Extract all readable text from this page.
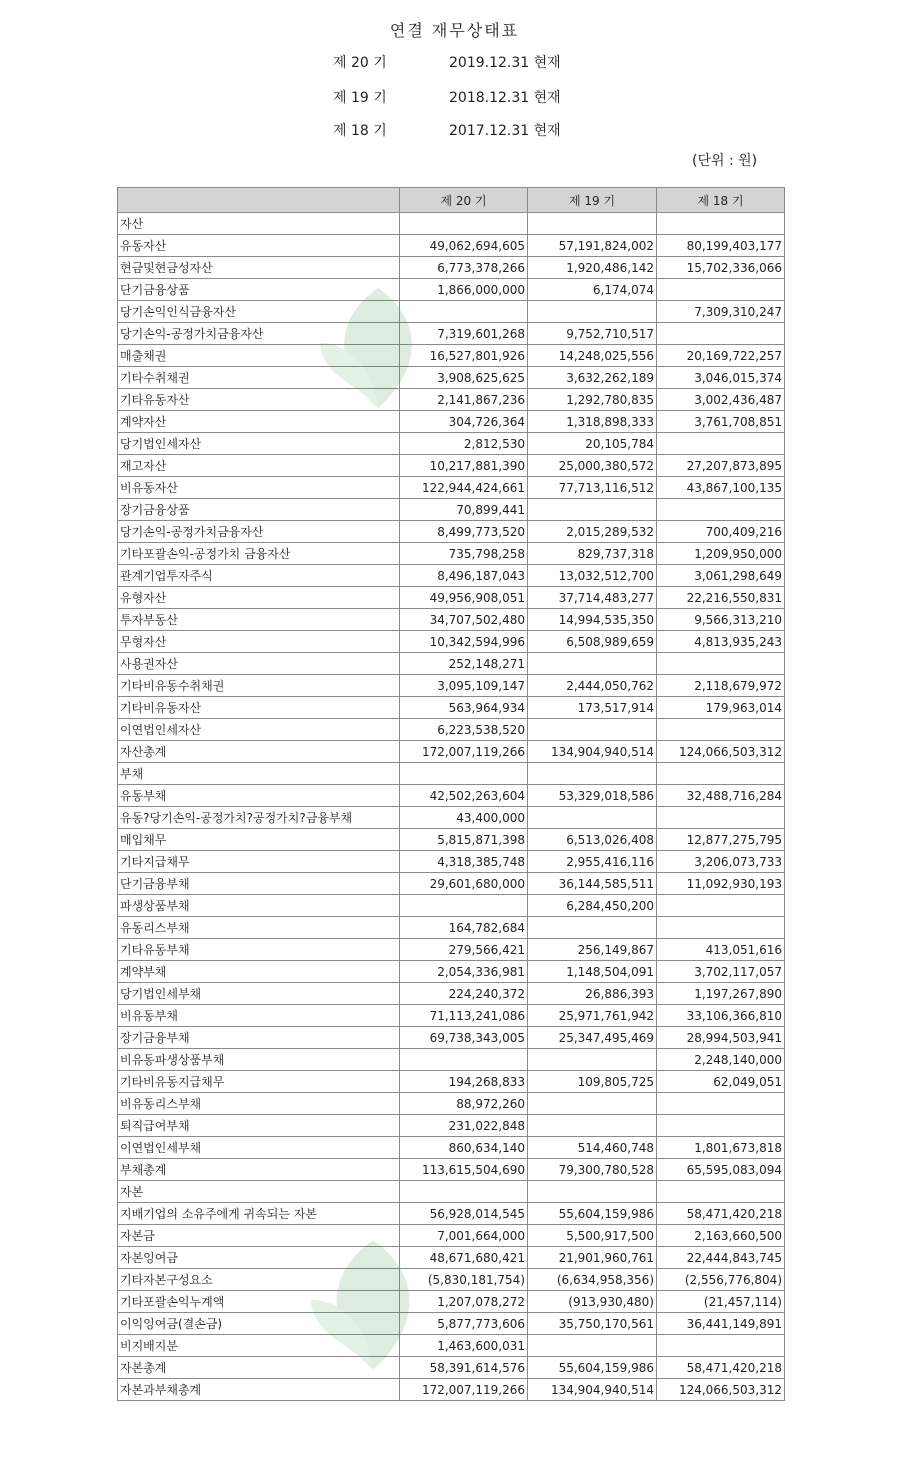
연결 재무상태표
제 20 기	2019.12.31 현재
제 19 기	2018.12.31 현재
제 18 기	2017.12.31 현재
(단위 : 원)
	제 20 기	제 19 기	제 18 기
자산			
유동자산	49,062,694,605	57,191,824,002	80,199,403,177
현금및현금성자산	6,773,378,266	1,920,486,142	15,702,336,066
단기금융상품	1,866,000,000	6,174,074	
당기손익인식금융자산			7,309,310,247
당기손익-공정가치금융자산	7,319,601,268	9,752,710,517	
매출채권	16,527,801,926	14,248,025,556	20,169,722,257
기타수취채권	3,908,625,625	3,632,262,189	3,046,015,374
기타유동자산	2,141,867,236	1,292,780,835	3,002,436,487
계약자산	304,726,364	1,318,898,333	3,761,708,851
당기법인세자산	2,812,530	20,105,784	
재고자산	10,217,881,390	25,000,380,572	27,207,873,895
비유동자산	122,944,424,661	77,713,116,512	43,867,100,135
장기금융상품	70,899,441		
당기손익-공정가치금융자산	8,499,773,520	2,015,289,532	700,409,216
기타포괄손익-공정가치 금융자산	735,798,258	829,737,318	1,209,950,000
관계기업투자주식	8,496,187,043	13,032,512,700	3,061,298,649
유형자산	49,956,908,051	37,714,483,277	22,216,550,831
투자부동산	34,707,502,480	14,994,535,350	9,566,313,210
무형자산	10,342,594,996	6,508,989,659	4,813,935,243
사용권자산	252,148,271		
기타비유동수취채권	3,095,109,147	2,444,050,762	2,118,679,972
기타비유동자산	563,964,934	173,517,914	179,963,014
이연법인세자산	6,223,538,520		
자산총계	172,007,119,266	134,904,940,514	124,066,503,312
부채			
유동부채	42,502,263,604	53,329,018,586	32,488,716,284
유동?당기손익-공정가치?공정가치?금융부채	43,400,000		
매입채무	5,815,871,398	6,513,026,408	12,877,275,795
기타지급채무	4,318,385,748	2,955,416,116	3,206,073,733
단기금융부채	29,601,680,000	36,144,585,511	11,092,930,193
파생상품부채		6,284,450,200	
유동리스부채	164,782,684		
기타유동부채	279,566,421	256,149,867	413,051,616
계약부채	2,054,336,981	1,148,504,091	3,702,117,057
당기법인세부채	224,240,372	26,886,393	1,197,267,890
비유동부채	71,113,241,086	25,971,761,942	33,106,366,810
장기금융부채	69,738,343,005	25,347,495,469	28,994,503,941
비유동파생상품부채			2,248,140,000
기타비유동지급채무	194,268,833	109,805,725	62,049,051
비유동리스부채	88,972,260		
퇴직급여부채	231,022,848		
이연법인세부채	860,634,140	514,460,748	1,801,673,818
부채총계	113,615,504,690	79,300,780,528	65,595,083,094
자본			
지배기업의 소유주에게 귀속되는 자본	56,928,014,545	55,604,159,986	58,471,420,218
자본금	7,001,664,000	5,500,917,500	2,163,660,500
자본잉여금	48,671,680,421	21,901,960,761	22,444,843,745
기타자본구성요소	(5,830,181,754)	(6,634,958,356)	(2,556,776,804)
기타포괄손익누계액	1,207,078,272	(913,930,480)	(21,457,114)
이익잉여금(결손금)	5,877,773,606	35,750,170,561	36,441,149,891
비지배지분	1,463,600,031		
자본총계	58,391,614,576	55,604,159,986	58,471,420,218
자본과부채총계	172,007,119,266	134,904,940,514	124,066,503,312
